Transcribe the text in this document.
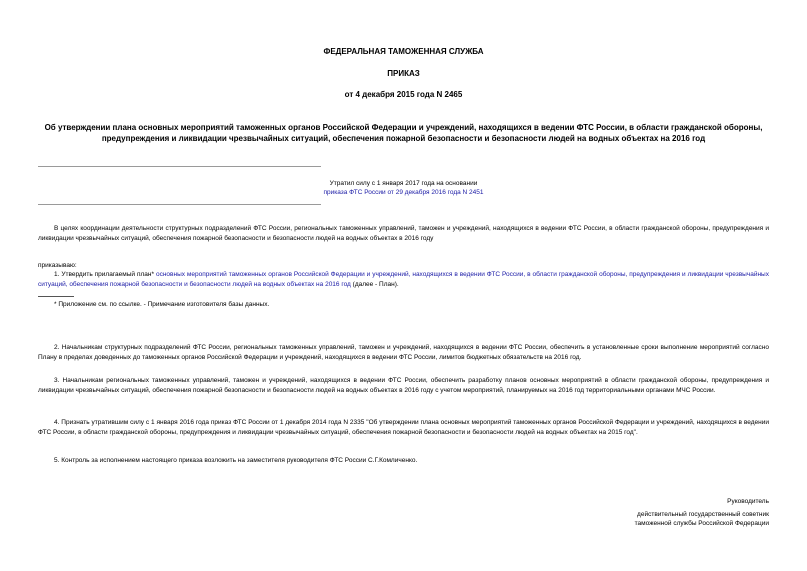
ФЕДЕРАЛЬНАЯ ТАМОЖЕННАЯ СЛУЖБА
ПРИКАЗ
от 4 декабря 2015 года N 2465
Об утверждении плана основных мероприятий таможенных органов Российской Федерации и учреждений, находящихся в ведении ФТС России, в области гражданской обороны, предупреждения и ликвидации чрезвычайных ситуаций, обеспечения пожарной безопасности и безопасности людей на водных объектах на 2016 год
Утратил силу с 1 января 2017 года на основании
приказа ФТС России от 29 декабря 2016 года N 2451
В целях координации деятельности структурных подразделений ФТС России, региональных таможенных управлений, таможен и учреждений, находящихся в ведении ФТС России, в области гражданской обороны, предупреждения и ликвидации чрезвычайных ситуаций, обеспечения пожарной безопасности и безопасности людей на водных объектах в 2016 году
приказываю:
1. Утвердить прилагаемый план* основных мероприятий таможенных органов Российской Федерации и учреждений, находящихся в ведении ФТС России, в области гражданской обороны, предупреждения и ликвидации чрезвычайных ситуаций, обеспечения пожарной безопасности и безопасности людей на водных объектах на 2016 год (далее - План).
* Приложение см. по ссылке. - Примечание изготовителя базы данных.
2. Начальникам структурных подразделений ФТС России, региональных таможенных управлений, таможен и учреждений, находящихся в ведении ФТС России, обеспечить в установленные сроки выполнение мероприятий согласно Плану в пределах доведенных до таможенных органов Российской Федерации и учреждений, находящихся в ведении ФТС России, лимитов бюджетных обязательств на 2016 год.
3. Начальникам региональных таможенных управлений, таможен и учреждений, находящихся в ведении ФТС России, обеспечить разработку планов основных мероприятий в области гражданской обороны, предупреждения и ликвидации чрезвычайных ситуаций, обеспечения пожарной безопасности и безопасности людей на водных объектах в 2016 году с учетом мероприятий, планируемых на 2016 год территориальными органами МЧС России.
4. Признать утратившим силу с 1 января 2016 года приказ ФТС России от 1 декабря 2014 года N 2335 "Об утверждении плана основных мероприятий таможенных органов Российской Федерации и учреждений, находящихся в ведении ФТС России, в области гражданской обороны, предупреждения и ликвидации чрезвычайных ситуаций, обеспечения пожарной безопасности и безопасности людей на водных объектах на 2015 год".
5. Контроль за исполнением настоящего приказа возложить на заместителя руководителя ФТС России С.Г.Комличенко.
Руководитель
действительный государственный советник
таможенной службы Российской Федерации
